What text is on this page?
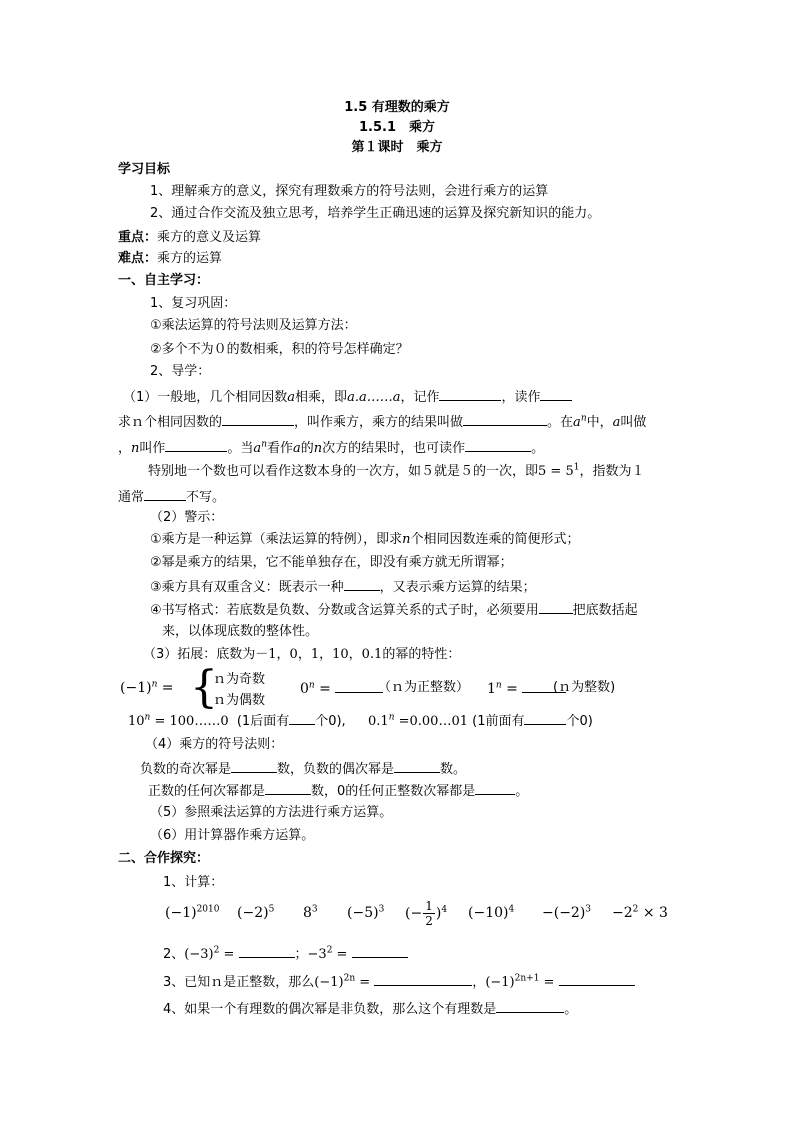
1.5 有理数的乘方
1.5.1　乘方
第１课时　乘方
学习目标
1、理解乘方的意义，探究有理数乘方的符号法则，会进行乘方的运算
2、通过合作交流及独立思考，培养学生正确迅速的运算及探究新知识的能力。
重点：乘方的意义及运算
难点：乘方的运算
一、自主学习：
1、复习巩固：
①乘法运算的符号法则及运算方法：
②多个不为０的数相乘，积的符号怎样确定？
2、导学：
（1）一般地，几个相同因数a相乘，即a.a……a，记作	，读作
求ｎ个相同因数的	，叫作乘方，乘方的结果叫做	。在$a^n$中，a叫做
，n叫作	。当$a^n$看作a的n次方的结果时，也可读作	。
特别地一个数也可以看作这数本身的一次方，如５就是５的一次，即$5 = 5^1$，指数为１
通常	不写。
（2）警示：
①乘方是一种运算（乘法运算的特例），即求n个相同因数连乘的简便形式；
②幂是乘方的结果，它不能单独存在，即没有乘方就无所谓幂；
③乘方具有双重含义：既表示一种	，又表示乘方运算的结果；
④书写格式：若底数是负数、分数或含运算关系的式子时，必须要用	把底数括起
来，以体现底数的整体性。
（3）拓展：底数为－1，0，1，10，0.1的幂的特性：
$(-1)^n$ = {
ｎ为奇数
ｎ为偶数
$0^n$ =	（ｎ为正整数） $1^n$ =	(ｎ为整数)
$10^n$ = 100……0 (1后面有 个0), $0.1^n$ =0.00…01 (1前面有	个0)
（4）乘方的符号法则：
负数的奇次幂是	数，负数的偶次幂是	数。
正数的任何次幂都是	数，0的任何正整数次幂都是	。
（5）参照乘法运算的方法进行乘方运算。
（6）用计算器作乘方运算。
二、合作探究：
1、计算：
$(-1)^{2010}$ $(-2)^5$ $8^3$ $(-5)^3$ (− $\frac{1}{2} )^4$ $(-10)^4 -(-2)^3 -2^2 \times 3$
2、$(-3)^2$ =	；$-3^2$ =
3、已知ｎ是正整数，那么$(-1)^{2n}$ =	，$(-1)^{2n+1}$ =
4、如果一个有理数的偶次幂是非负数，那么这个有理数是	。
